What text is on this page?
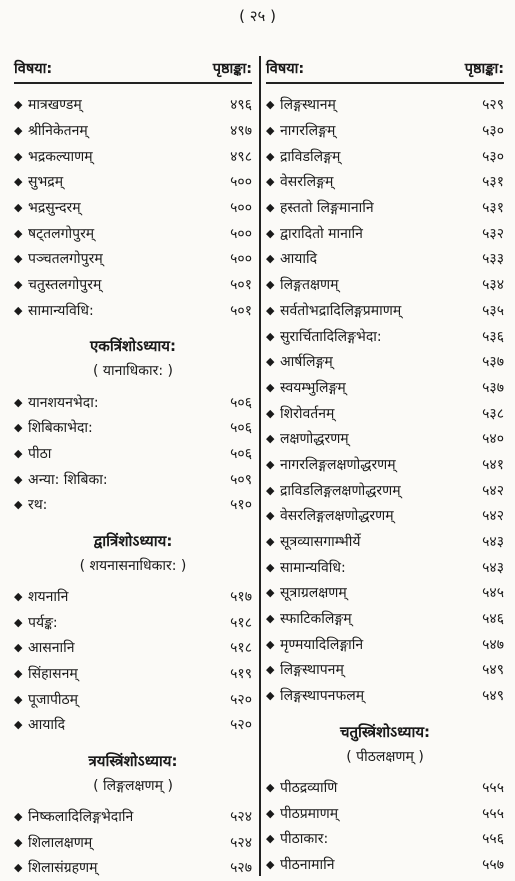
( २५ )
विषया:	पृष्ठाङ्का:
◆ मात्रखण्डम्	४९६
◆ श्रीनिकेतनम्	४९७
◆ भद्रकल्याणम्	४९८
◆ सुभद्रम्	५००
◆ भद्रसुन्दरम्	५००
◆ षट्तलगोपुरम्	५००
◆ पञ्चतलगोपुरम्	५००
◆ चतुस्तलगोपुरम्	५०१
◆ सामान्यविधि:	५०१
एकत्रिंशोऽध्याय:
( यानाधिकार: )
◆ यानशयनभेदा:	५०६
◆ शिबिकाभेदा:	५०६
◆ पीठा	५०६
◆ अन्या: शिबिका:	५०९
◆ रथ:	५१०
द्वात्रिंशोऽध्याय:
( शयनासनाधिकार: )
◆ शयनानि	५१७
◆ पर्यङ्क:	५१८
◆ आसनानि	५१८
◆ सिंहासनम्	५१९
◆ पूजापीठम्	५२०
◆ आयादि	५२०
त्रयस्त्रिंशोऽध्याय:
( लिङ्गलक्षणम् )
◆ निष्कलादिलिङ्गभेदानि	५२४
◆ शिलालक्षणम्	५२४
◆ शिलासंग्रहणम्	५२७
विषया:	पृष्ठाङ्का:
◆ लिङ्गस्थानम्	५२९
◆ नागरलिङ्गम्	५३०
◆ द्राविडलिङ्गम्	५३०
◆ वेसरलिङ्गम्	५३१
◆ हस्ततो लिङ्गमानानि	५३१
◆ द्वारादितो मानानि	५३२
◆ आयादि	५३३
◆ लिङ्गतक्षणम्	५३४
◆ सर्वतोभद्रादिलिङ्गप्रमाणम्	५३५
◆ सुरार्चितादिलिङ्गभेदा:	५३६
◆ आर्षलिङ्गम्	५३७
◆ स्वयम्भुलिङ्गम्	५३७
◆ शिरोवर्तनम्	५३८
◆ लक्षणोद्धरणम्	५४०
◆ नागरलिङ्गलक्षणोद्धरणम्	५४१
◆ द्राविडलिङ्गलक्षणोद्धरणम्	५४२
◆ वेसरलिङ्गलक्षणोद्धरणम्	५४२
◆ सूत्रव्यासगाम्भीर्ये	५४३
◆ सामान्यविधि:	५४३
◆ सूत्राग्रलक्षणम्	५४५
◆ स्फाटिकलिङ्गम्	५४६
◆ मृण्मयादिलिङ्गानि	५४७
◆ लिङ्गस्थापनम्	५४९
◆ लिङ्गस्थापनफलम्	५४९
चतुस्त्रिंशोऽध्याय:
( पीठलक्षणम् )
◆ पीठद्रव्याणि	५५५
◆ पीठप्रमाणम्	५५५
◆ पीठाकार:	५५६
◆ पीठनामानि	५५७
